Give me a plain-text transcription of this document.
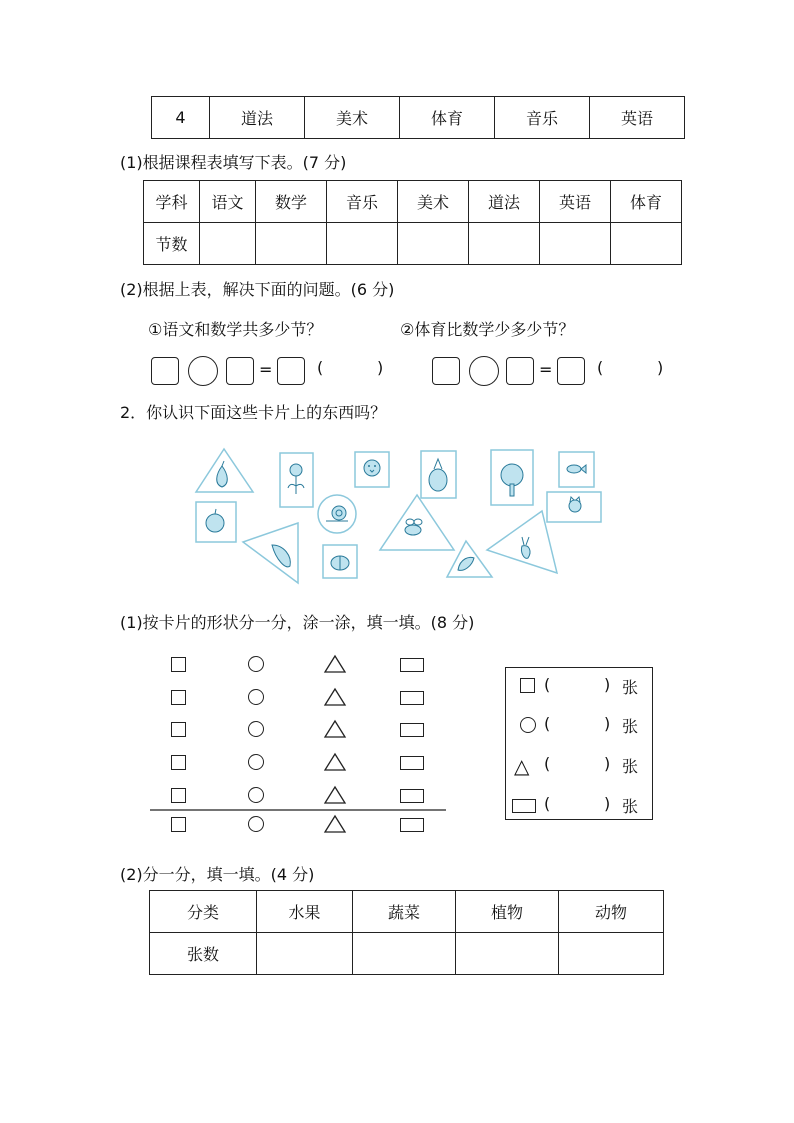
4	道法	美术	体育	音乐	英语
(1)根据课程表填写下表。(7 分)
学科	语文	数学	音乐	美术	道法	英语	体育
节数							
(2)根据上表，解决下面的问题。(6 分)
①语文和数学共多少节？	②体育比数学少多少节？
=	(	)	=	(	)
2．你认识下面这些卡片上的东西吗？
(1)按卡片的形状分一分，涂一涂，填一填。(8 分)
(	) 张
(	) 张
△ (	) 张
(	) 张
(2)分一分，填一填。(4 分)
分类	水果	蔬菜	植物	动物
张数				
